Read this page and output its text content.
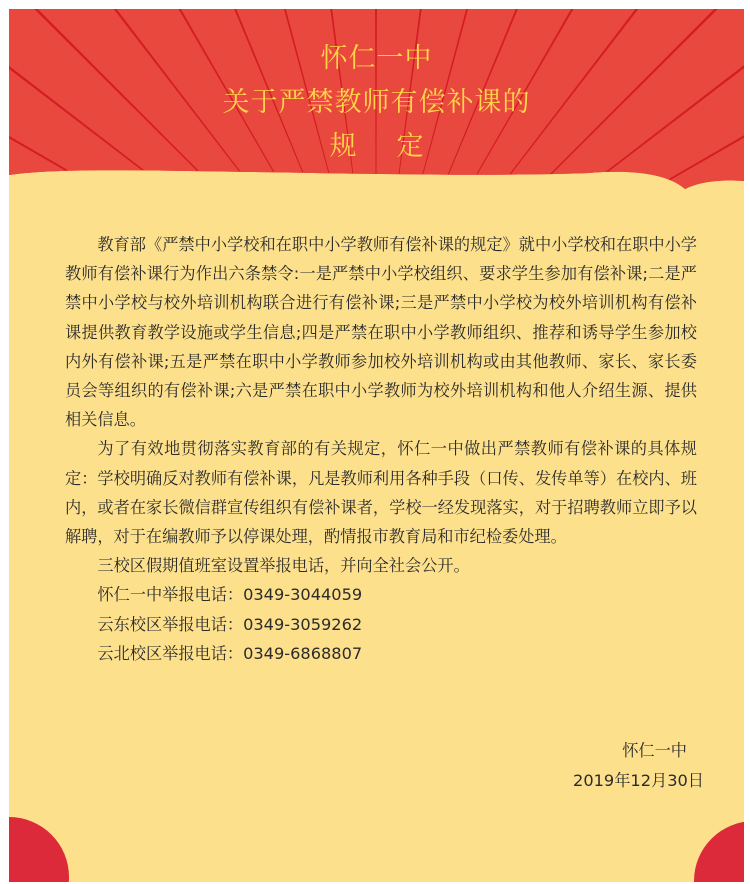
怀仁一中
关于严禁教师有偿补课的
规定

教育部《严禁中小学校和在职中小学教师有偿补课的规定》就中小学校和在职中小学教师有偿补课行为作出六条禁令:一是严禁中小学校组织、要求学生参加有偿补课;二是严禁中小学校与校外培训机构联合进行有偿补课;三是严禁中小学校为校外培训机构有偿补课提供教育教学设施或学生信息;四是严禁在职中小学教师组织、推荐和诱导学生参加校内外有偿补课;五是严禁在职中小学教师参加校外培训机构或由其他教师、家长、家长委员会等组织的有偿补课;六是严禁在职中小学教师为校外培训机构和他人介绍生源、提供相关信息。

为了有效地贯彻落实教育部的有关规定，怀仁一中做出严禁教师有偿补课的具体规定：学校明确反对教师有偿补课，凡是教师利用各种手段（口传、发传单等）在校内、班内，或者在家长微信群宣传组织有偿补课者，学校一经发现落实，对于招聘教师立即予以解聘，对于在编教师予以停课处理，酌情报市教育局和市纪检委处理。

三校区假期值班室设置举报电话，并向全社会公开。

怀仁一中举报电话：0349-3044059

云东校区举报电话：0349-3059262

云北校区举报电话：0349-6868807

怀仁一中
2019年12月30日
